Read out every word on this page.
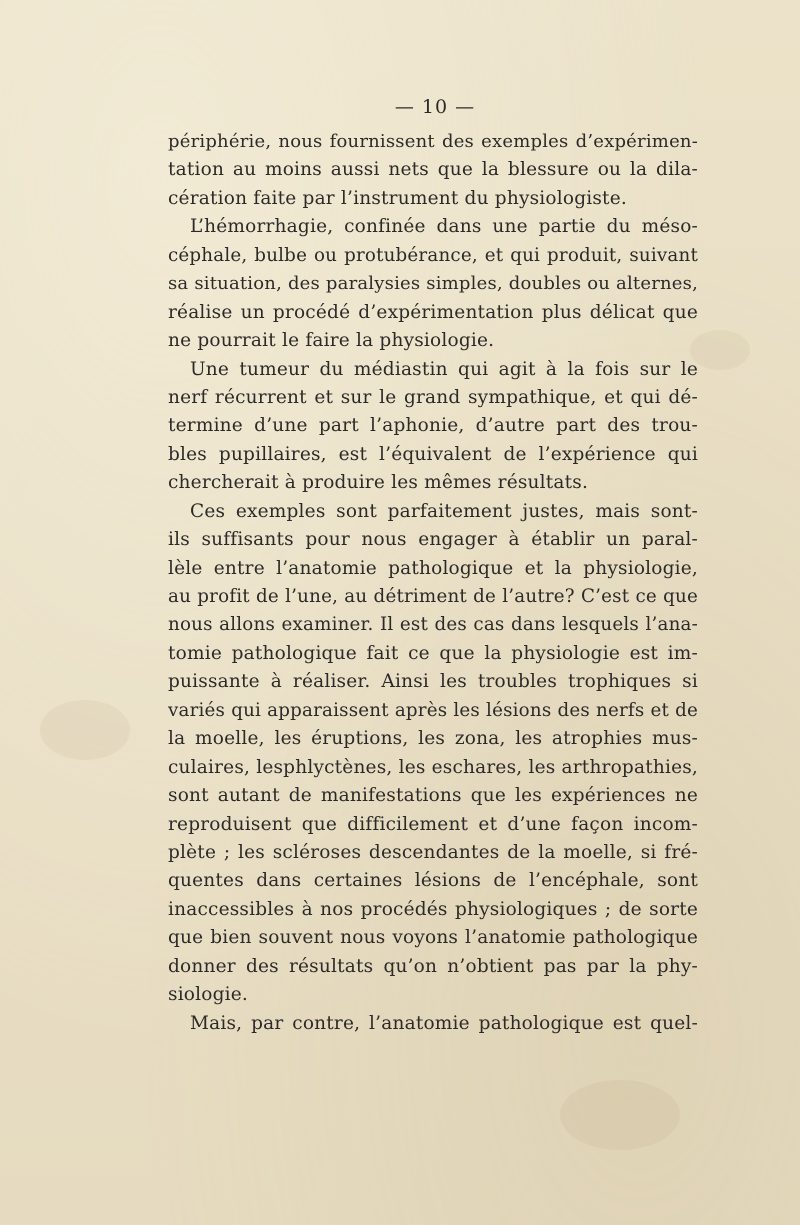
— 10 —
périphérie, nous fournissent des exemples d’expérimen-
tation au moins aussi nets que la blessure ou la dila-
cération faite par l’instrument du physiologiste.
L’hémorrhagie, confinée dans une partie du méso-
céphale, bulbe ou protubérance, et qui produit, suivant
sa situation, des paralysies simples, doubles ou alternes,
réalise un procédé d’expérimentation plus délicat que
ne pourrait le faire la physiologie.
Une tumeur du médiastin qui agit à la fois sur le
nerf récurrent et sur le grand sympathique, et qui dé-
termine d’une part l’aphonie, d’autre part des trou-
bles pupillaires, est l’équivalent de l’expérience qui
chercherait à produire les mêmes résultats.
Ces exemples sont parfaitement justes, mais sont-
ils suffisants pour nous engager à établir un paral-
lèle entre l’anatomie pathologique et la physiologie,
au profit de l’une, au détriment de l’autre? C’est ce que
nous allons examiner. Il est des cas dans lesquels l’ana-
tomie pathologique fait ce que la physiologie est im-
puissante à réaliser. Ainsi les troubles trophiques si
variés qui apparaissent après les lésions des nerfs et de
la moelle, les éruptions, les zona, les atrophies mus-
culaires, lesphlyctènes, les eschares, les arthropathies,
sont autant de manifestations que les expériences ne
reproduisent que difficilement et d’une façon incom-
plète ; les scléroses descendantes de la moelle, si fré-
quentes dans certaines lésions de l’encéphale, sont
inaccessibles à nos procédés physiologiques ; de sorte
que bien souvent nous voyons l’anatomie pathologique
donner des résultats qu’on n’obtient pas par la phy-
siologie.
Mais, par contre, l’anatomie pathologique est quel-
